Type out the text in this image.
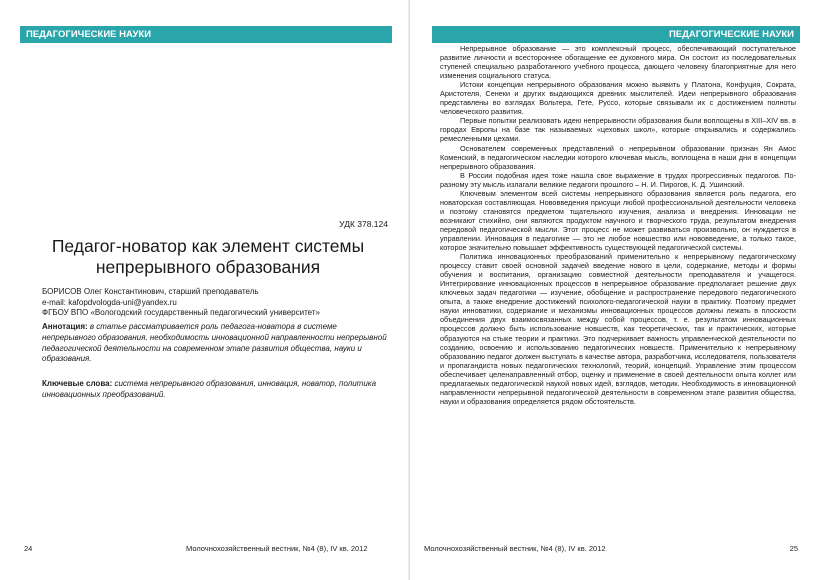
ПЕДАГОГИЧЕСКИЕ НАУКИ
УДК 378.124
Педагог-новатор как элемент системы
непрерывного образования
БОРИСОВ Олег Константинович, старший преподаватель
e-mail: kafopdvologda-uni@yandex.ru
ФГБОУ ВПО «Вологодский государственный педагогический университет»
Аннотация: в статье рассматривается роль педагога-новатора в системе непрерывного образования, необходимость инновационной направленности непрерывной педагогической деятельности на современном этапе развития общества, науки и образования.
Ключевые слова: система непрерывного образования, инновация, новатор, политика инновационных преобразований.
24	Молочнохозяйственный вестник, №4 (8), IV кв. 2012
ПЕДАГОГИЧЕСКИЕ НАУКИ

Непрерывное образование — это комплексный процесс, обеспечивающий поступательное развитие личности и всестороннее обогащение ее духовного мира. Он состоит из последовательных ступеней специально разработанного учебного процесса, дающего человеку благоприятные для него изменения социального статуса.

Истоки концепции непрерывного образования можно выявить у Платона, Конфуция, Сократа, Аристотеля, Сенеки и других выдающихся древних мыслителей. Идеи непрерывного образования представлены во взглядах Вольтера, Гете, Руссо, которые связывали их с достижением полноты человеческого развития.

Первые попытки реализовать идею непрерывности образования были воплощены в XIII–XIV вв. в городах Европы на базе так называемых «цеховых школ», которые открывались и содержались ремесленными цехами.

Основателем современных представлений о непрерывном образовании признан Ян Амос Коменский, в педагогическом наследии которого ключевая мысль, воплощена в наши дни в концепции непрерывного образования.

В России подобная идея тоже нашла свое выражение в трудах прогрессивных педагогов. По-разному эту мысль излагали великие педагоги прошлого – Н. И. Пирогов, К. Д. Ушинский.

Ключевым элементом всей системы непрерывного образования является роль педагога, его новаторская составляющая. Нововведения присущи любой профессиональной деятельности человека и поэтому становятся предметом тщательного изучения, анализа и внедрения. Инновации не возникают стихийно, они являются продуктом научного и творческого труда, результатом внедрения передовой педагогической мысли. Этот процесс не может развиваться произвольно, он нуждается в управлении. Инновация в педагогике — это не любое новшество или нововведение, а только такое, которое значительно повышает эффективность существующей педагогической системы.

Политика инновационных преобразований применительно к непрерывному педагогическому процессу ставит своей основной задачей введение нового в цели, содержание, методы и формы обучения и воспитания, организацию совместной деятельности преподавателя и учащегося. Интегрирование инновационных процессов в непрерывное образование предполагает решение двух ключевых задач педагогики — изучение, обобщение и распространение передового педагогического опыта, а также внедрение достижений психолого-педагогической науки в практику. Поэтому предмет науки инноватики, содержание и механизмы инновационных процессов должны лежать в плоскости объединения двух взаимосвязанных между собой процессов, т. е. результатом инновационных процессов должно быть использование новшеств, как теоретических, так и практических, которые образуются на стыке теории и практики. Это подчеркивает важность управленческой деятельности по созданию, освоению и использованию педагогических новшеств. Применительно к непрерывному образованию педагог должен выступать в качестве автора, разработчика, исследователя, пользователя и пропагандиста новых педагогических технологий, теорий, концепций. Управление этим процессом обеспечивает целенаправленный отбор, оценку и применение в своей деятельности опыта коллег или предлагаемых педагогической наукой новых идей, взглядов, методик. Необходимость в инновационной направленности непрерывной педагогической деятельности в современном этапе развития общества, науки и образования определяется рядом обстоятельств.

Молочнохозяйственный вестник, №4 (8), IV кв. 2012	25
